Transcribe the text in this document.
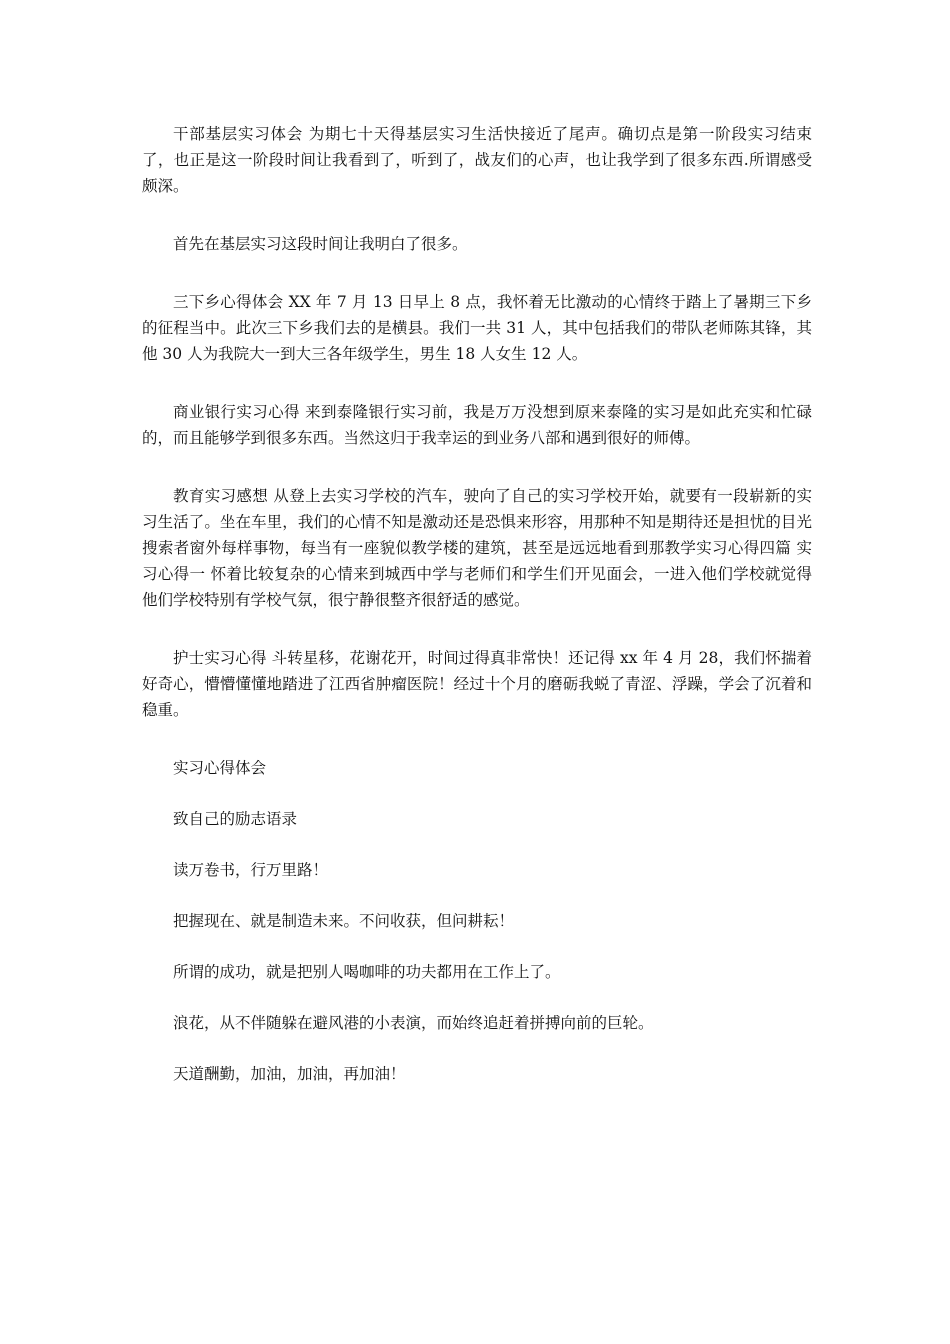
干部基层实习体会 为期七十天得基层实习生活快接近了尾声。确切点是第一阶段实习结束了，也正是这一阶段时间让我看到了，听到了，战友们的心声，也让我学到了很多东西.所谓感受颇深。

首先在基层实习这段时间让我明白了很多。

三下乡心得体会 XX 年 7 月 13 日早上 8 点，我怀着无比激动的心情终于踏上了暑期三下乡的征程当中。此次三下乡我们去的是横县。我们一共 31 人，其中包括我们的带队老师陈其锋，其他 30 人为我院大一到大三各年级学生，男生 18 人女生 12 人。

商业银行实习心得 来到泰隆银行实习前，我是万万没想到原来泰隆的实习是如此充实和忙碌的，而且能够学到很多东西。当然这归于我幸运的到业务八部和遇到很好的师傅。

教育实习感想 从登上去实习学校的汽车，驶向了自己的实习学校开始，就要有一段崭新的实习生活了。坐在车里，我们的心情不知是激动还是恐惧来形容，用那种不知是期待还是担忧的目光搜索者窗外每样事物，每当有一座貌似教学楼的建筑，甚至是远远地看到那教学实习心得四篇 实习心得一 怀着比较复杂的心情来到城西中学与老师们和学生们开见面会，一进入他们学校就觉得他们学校特别有学校气氛，很宁静很整齐很舒适的感觉。

护士实习心得 斗转星移，花谢花开，时间过得真非常快！还记得 xx 年 4 月 28，我们怀揣着好奇心，懵懵懂懂地踏进了江西省肿瘤医院！经过十个月的磨砺我蜕了青涩、浮躁，学会了沉着和稳重。

实习心得体会

致自己的励志语录

读万卷书，行万里路！

把握现在、就是制造未来。不问收获，但问耕耘！

所谓的成功，就是把别人喝咖啡的功夫都用在工作上了。

浪花，从不伴随躲在避风港的小表演，而始终追赶着拼搏向前的巨轮。

天道酬勤，加油，加油，再加油！
